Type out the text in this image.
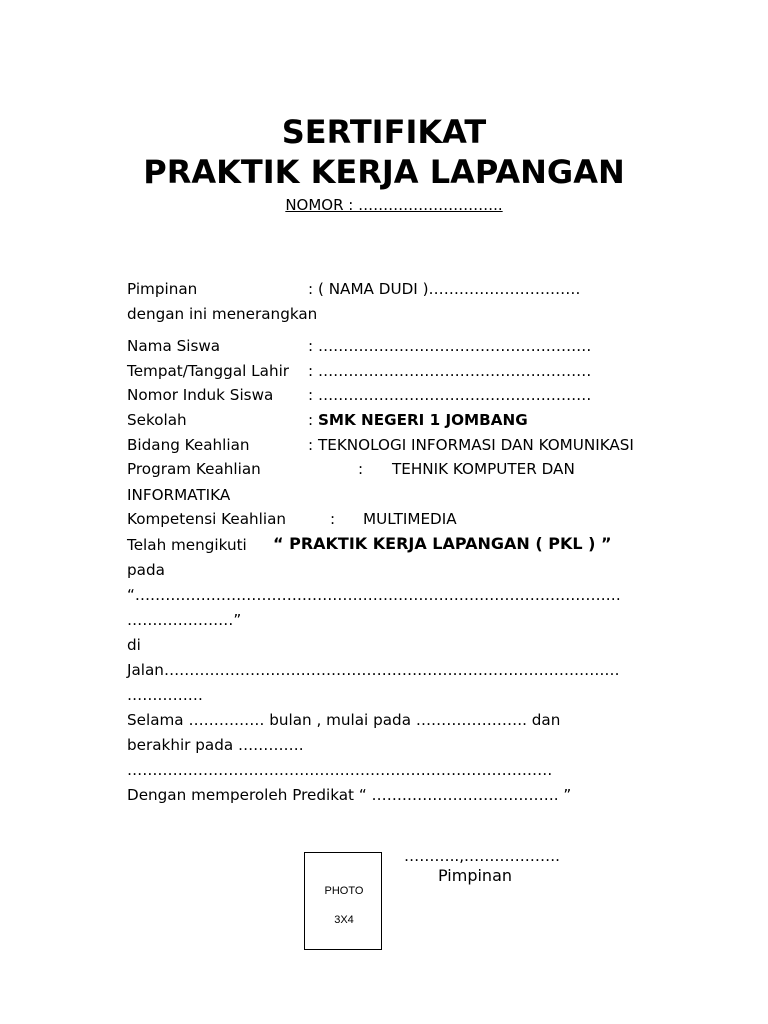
SERTIFIKAT
PRAKTIK KERJA LAPANGAN
NOMOR : ………………………..
Pimpinan	: ( NAMA DUDI )…………………………
dengan ini menerangkan
Nama Siswa	: ………………………………………………
Tempat/Tanggal Lahir : ………………………………………………
Nomor Induk Siswa : ………………………………………………
Sekolah	: SMK NEGERI 1 JOMBANG
Bidang Keahlian	: TEKNOLOGI INFORMASI DAN KOMUNIKASI
Program Keahlian	: TEHNIK KOMPUTER DAN
INFORMATIKA
Kompetensi Keahlian	: MULTIMEDIA
Telah mengikuti “ PRAKTIK KERJA LAPANGAN ( PKL ) ”
pada
“……………………………………………………………………………………
…………………”
di
Jalan………………………………………………………………………………
……………
Selama …………… bulan , mulai pada …………………. dan
berakhir pada ………….
…………………………………………………………………………
Dengan memperoleh Predikat “ ………………………………. ”
………..,……………….
Pimpinan
PHOTO
3X4
